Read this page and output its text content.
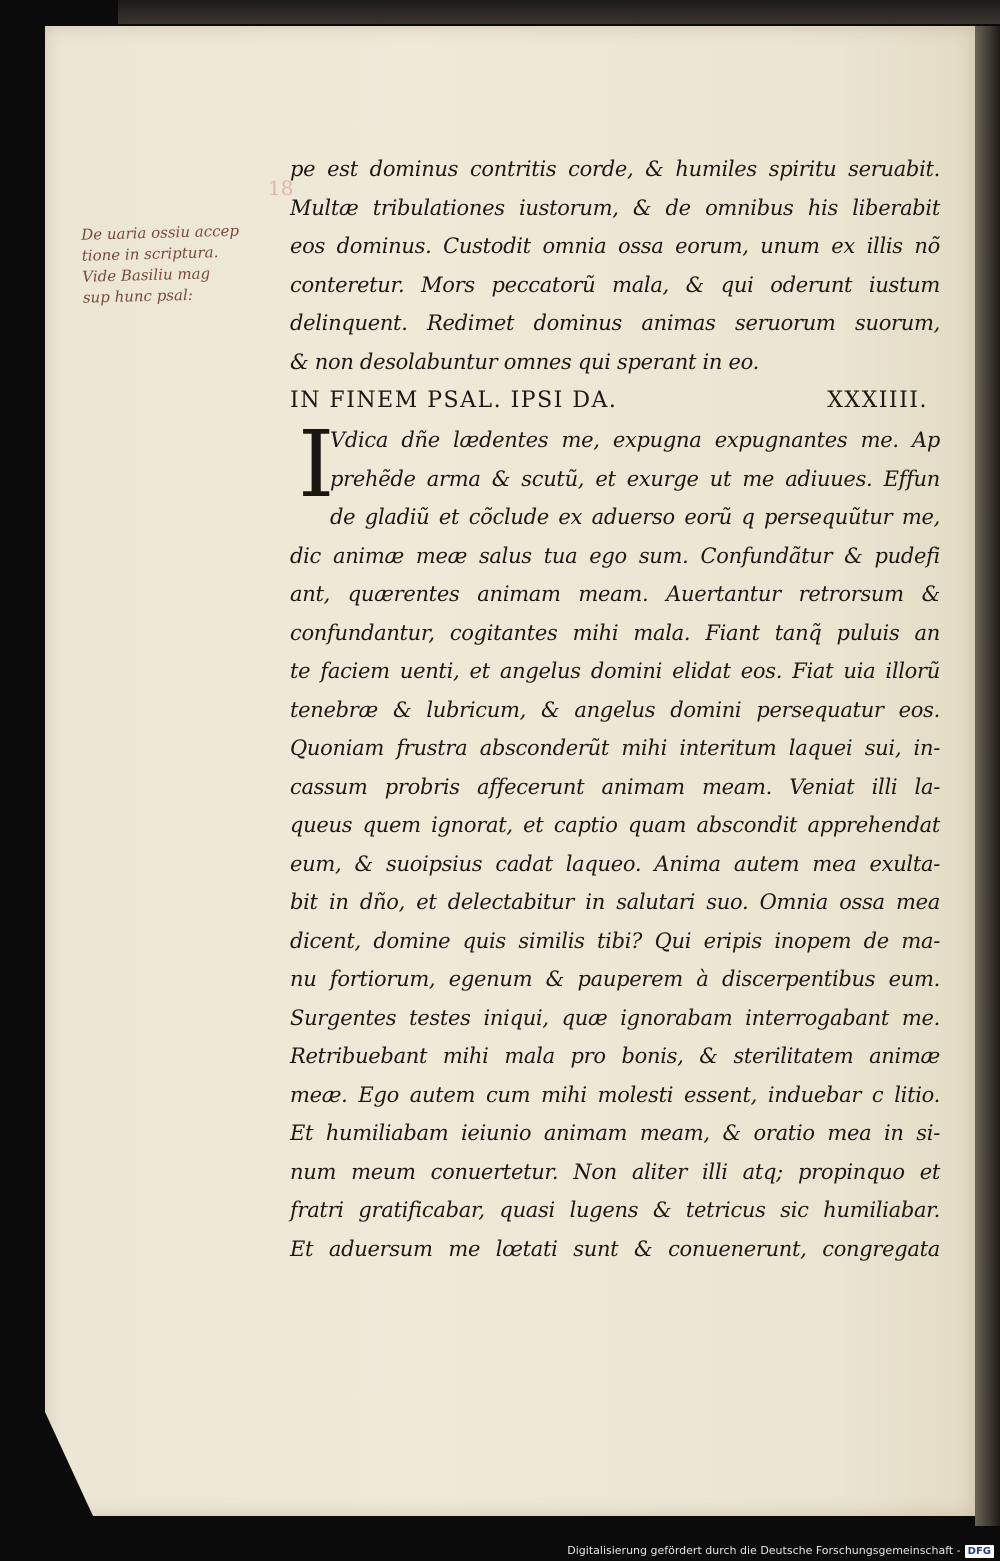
18
De uaria ossiu accep
tione in scriptura.
Vide Basiliu mag
sup hunc psal:
pe est dominus contritis corde, & humiles spiritu seruabit.
Multæ tribulationes iustorum, & de omnibus his liberabit
eos dominus. Custodit omnia ossa eorum, unum ex illis nõ
conteretur. Mors peccatorũ mala, & qui oderunt iustum
delinquent. Redimet dominus animas seruorum suorum,
& non desolabuntur omnes qui sperant in eo.
IN FINEM PSAL. IPSI DA.	XXXIIII.
I
Vdica dñe lædentes me, expugna expugnantes me. Ap
prehẽde arma & scutũ, et exurge ut me adiuues. Effun
de gladiũ et cõclude ex aduerso eorũ q persequũtur me,
dic animæ meæ salus tua ego sum. Confundãtur & pudefi
ant, quærentes animam meam. Auertantur retrorsum &
confundantur, cogitantes mihi mala. Fiant tanq̃ puluis an
te faciem uenti, et angelus domini elidat eos. Fiat uia illorũ
tenebræ & lubricum, & angelus domini persequatur eos.
Quoniam frustra absconderũt mihi interitum laquei sui, in-
cassum probris affecerunt animam meam. Veniat illi la-
queus quem ignorat, et captio quam abscondit apprehendat
eum, & suoipsius cadat laqueo. Anima autem mea exulta-
bit in dño, et delectabitur in salutari suo. Omnia ossa mea
dicent, domine quis similis tibi? Qui eripis inopem de ma-
nu fortiorum, egenum & pauperem à discerpentibus eum.
Surgentes testes iniqui, quæ ignorabam interrogabant me.
Retribuebant mihi mala pro bonis, & sterilitatem animæ
meæ. Ego autem cum mihi molesti essent, induebar c litio.
Et humiliabam ieiunio animam meam, & oratio mea in si-
num meum conuertetur. Non aliter illi atq; propinquo et
fratri gratificabar, quasi lugens & tetricus sic humiliabar.
Et aduersum me lœtati sunt & conuenerunt, congregata
Digitalisierung gefördert durch die Deutsche Forschungsgemeinschaft - DFG
